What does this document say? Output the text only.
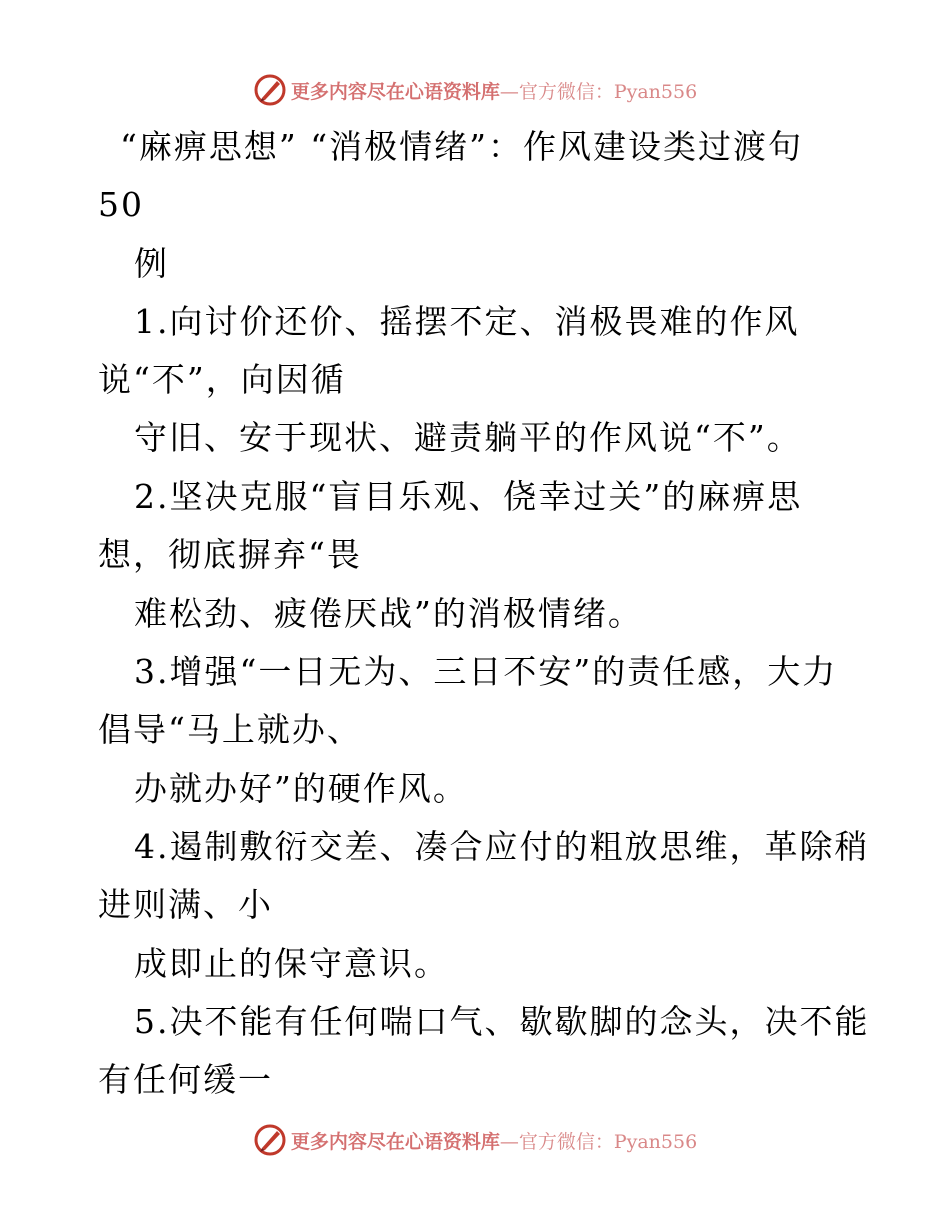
更多内容尽在心语资料库—官方微信：Pyan556
“麻痹思想” “消极情绪”：作风建设类过渡句
50
例
1.向讨价还价、摇摆不定、消极畏难的作风
说“不”，向因循
守旧、安于现状、避责躺平的作风说“不”。
2.坚决克服“盲目乐观、侥幸过关”的麻痹思
想，彻底摒弃“畏
难松劲、疲倦厌战”的消极情绪。
3.增强“一日无为、三日不安”的责任感，大力
倡导“马上就办、
办就办好”的硬作风。
4.遏制敷衍交差、凑合应付的粗放思维，革除稍
进则满、小
成即止的保守意识。
5.决不能有任何喘口气、歇歇脚的念头，决不能
有任何缓一
更多内容尽在心语资料库—官方微信：Pyan556
